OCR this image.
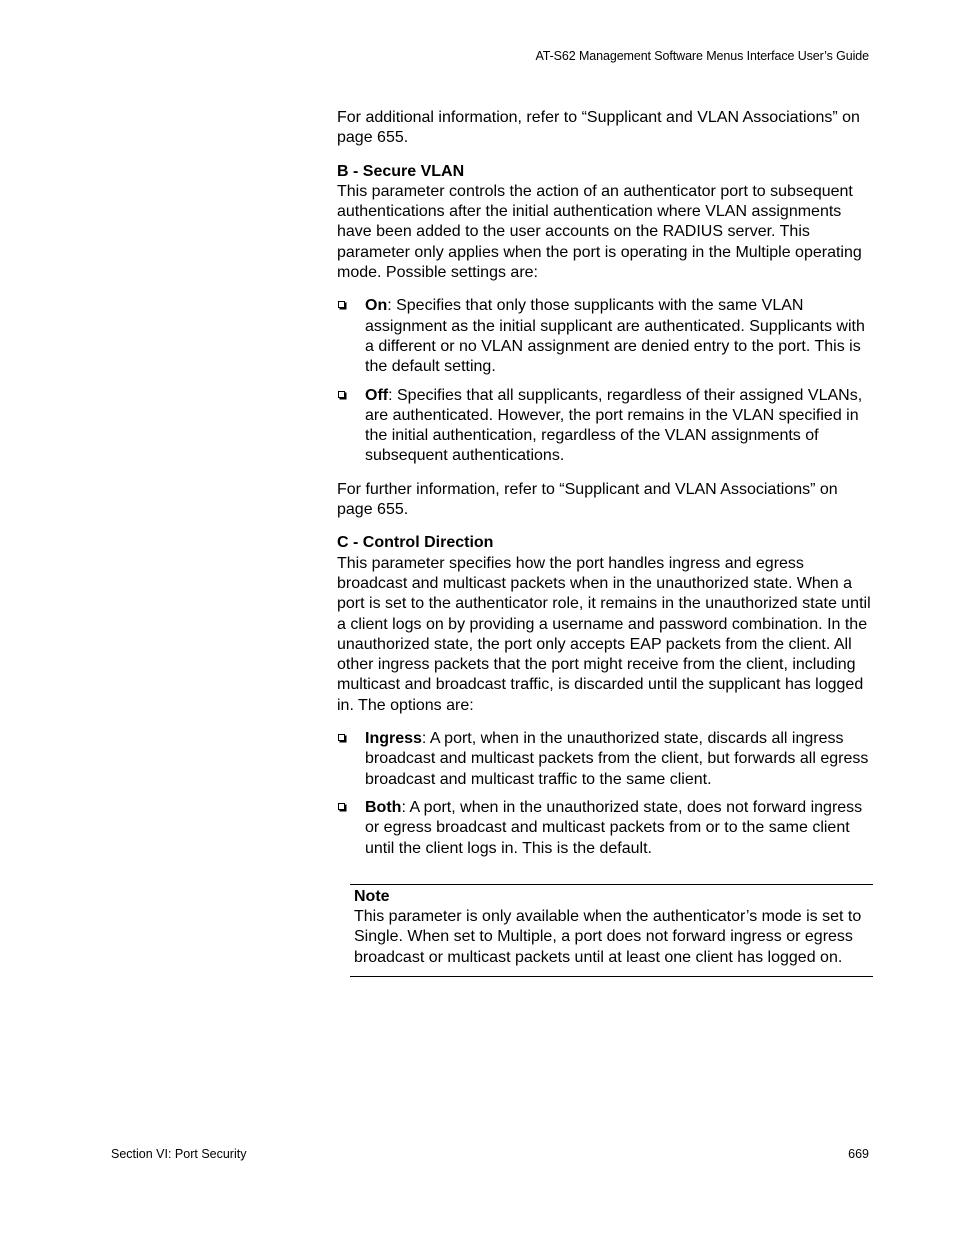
AT-S62 Management Software Menus Interface User’s Guide

For additional information, refer to “Supplicant and VLAN Associations” on page 655.

B - Secure VLAN

This parameter controls the action of an authenticator port to subsequent authentications after the initial authentication where VLAN assignments have been added to the user accounts on the RADIUS server. This parameter only applies when the port is operating in the Multiple operating mode. Possible settings are:

On: Specifies that only those supplicants with the same VLAN assignment as the initial supplicant are authenticated. Supplicants with a different or no VLAN assignment are denied entry to the port. This is the default setting.
Off: Specifies that all supplicants, regardless of their assigned VLANs, are authenticated. However, the port remains in the VLAN specified in the initial authentication, regardless of the VLAN assignments of subsequent authentications.

For further information, refer to “Supplicant and VLAN Associations” on page 655.

C - Control Direction

This parameter specifies how the port handles ingress and egress broadcast and multicast packets when in the unauthorized state. When a port is set to the authenticator role, it remains in the unauthorized state until a client logs on by providing a username and password combination. In the unauthorized state, the port only accepts EAP packets from the client. All other ingress packets that the port might receive from the client, including multicast and broadcast traffic, is discarded until the supplicant has logged in. The options are:

Ingress: A port, when in the unauthorized state, discards all ingress broadcast and multicast packets from the client, but forwards all egress broadcast and multicast traffic to the same client.
Both: A port, when in the unauthorized state, does not forward ingress or egress broadcast and multicast packets from or to the same client until the client logs in. This is the default.

Note

This parameter is only available when the authenticator’s mode is set to Single. When set to Multiple, a port does not forward ingress or egress broadcast or multicast packets until at least one client has logged on.

Section VI: Port Security	669
